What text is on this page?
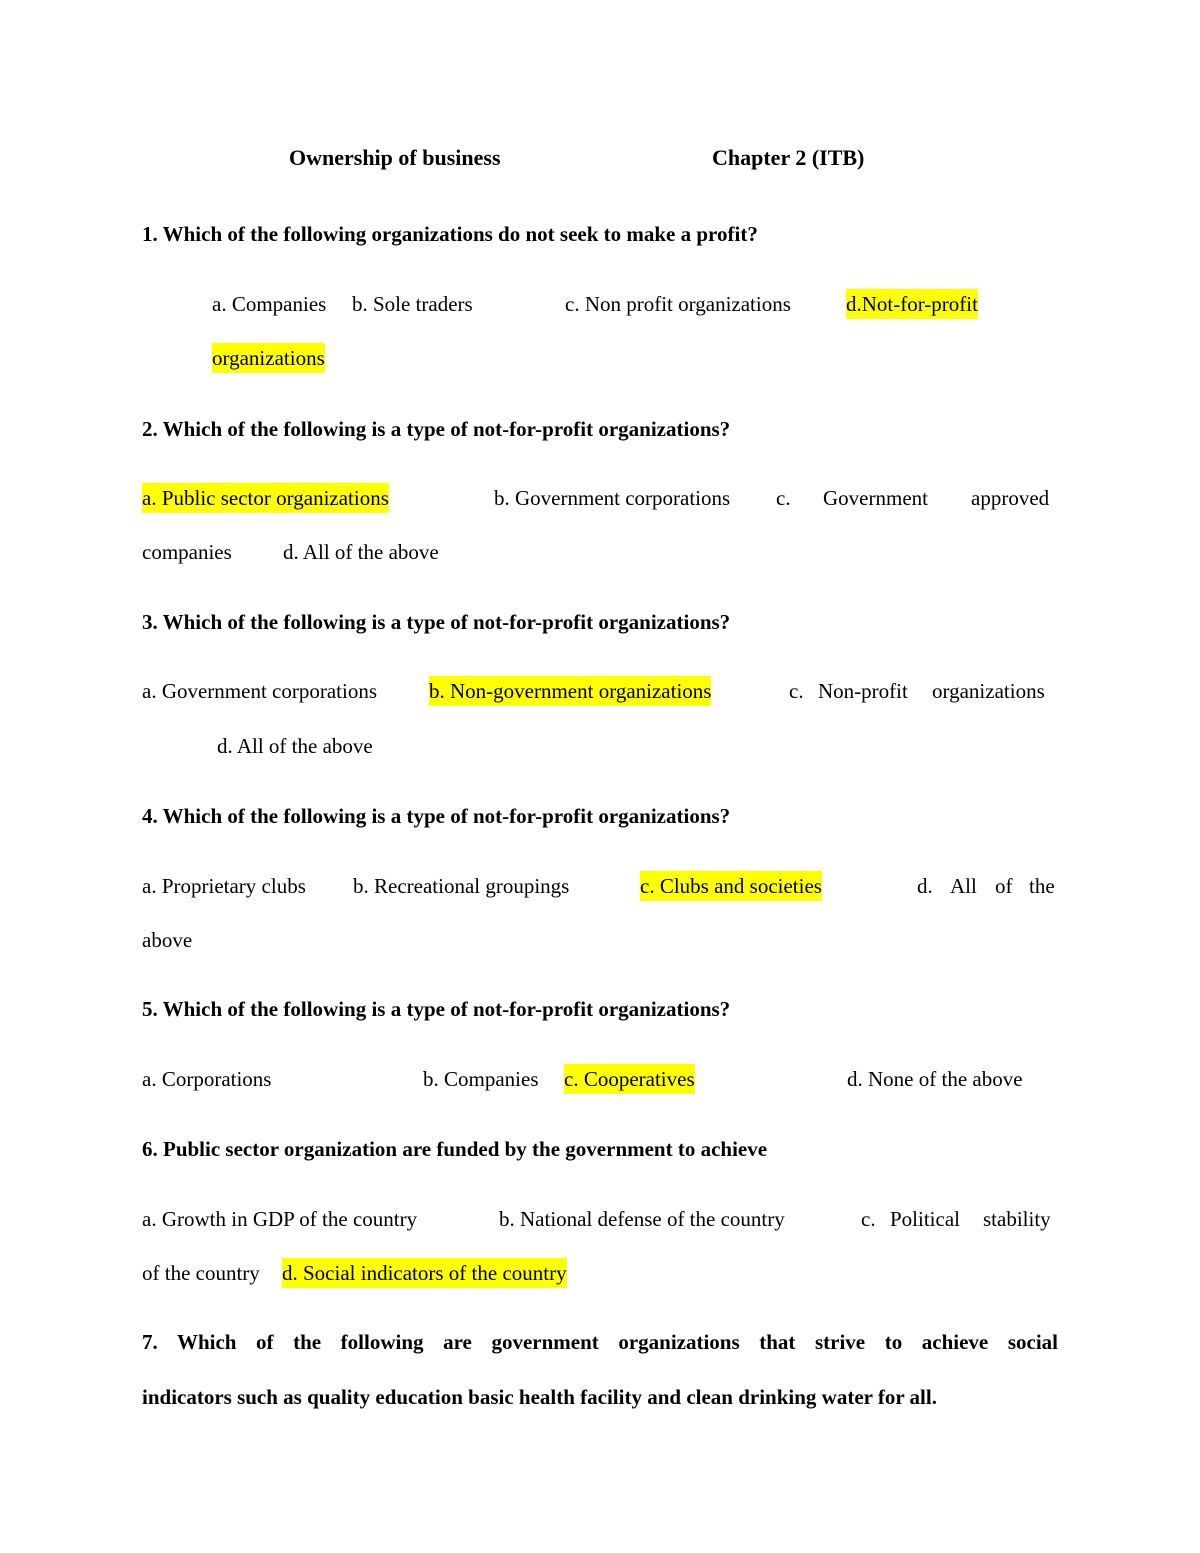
Ownership of business	Chapter 2 (ITB)
1. Which of the following organizations do not seek to make a profit?
a. Companies b. Sole traders	c. Non profit organizations	d.Not-for-profit
organizations
2. Which of the following is a type of not-for-profit organizations?
a. Public sector organizations	b. Government corporations c. Government approved
companies d. All of the above
3. Which of the following is a type of not-for-profit organizations?
a. Government corporations b. Non-government organizations	c. Non-profit organizations
d. All of the above
4. Which of the following is a type of not-for-profit organizations?
a. Proprietary clubs b. Recreational groupings	c. Clubs and societies	d. All of the
above
5. Which of the following is a type of not-for-profit organizations?
a. Corporations	b. Companies c. Cooperatives	d. None of the above
6. Public sector organization are funded by the government to achieve
a. Growth in GDP of the country	b. National defense of the country	c. Political stability
of the country d. Social indicators of the country
7. Which of the following are government organizations that strive to achieve social
indicators such as quality education basic health facility and clean drinking water for all.
